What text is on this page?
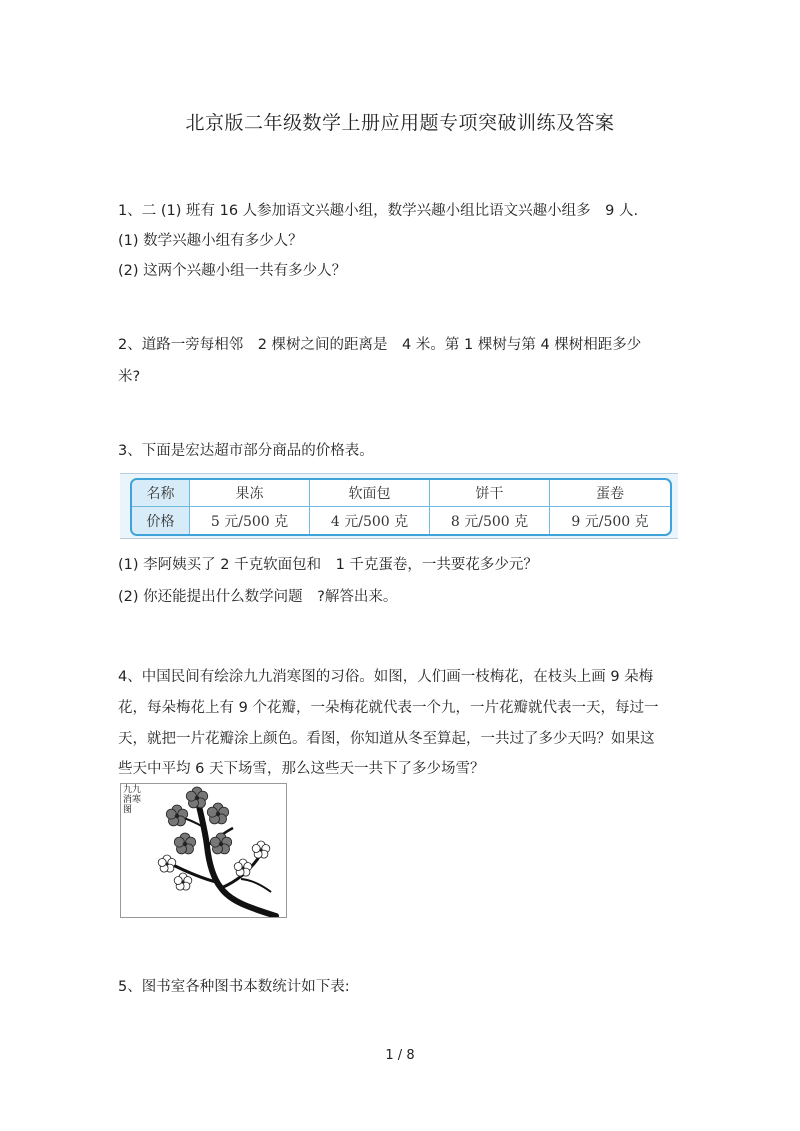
北京版二年级数学上册应用题专项突破训练及答案
1、二 (1) 班有 16 人参加语文兴趣小组，数学兴趣小组比语文兴趣小组多　9 人.
(1) 数学兴趣小组有多少人？
(2) 这两个兴趣小组一共有多少人？
2、道路一旁每相邻　2 棵树之间的距离是　4 米。第 1 棵树与第 4 棵树相距多少
米?
3、下面是宏达超市部分商品的价格表。
名称	果冻	软面包	饼干	蛋卷
价格	5 元/500 克	4 元/500 克	8 元/500 克	9 元/500 克
(1) 李阿姨买了 2 千克软面包和　1 千克蛋卷，一共要花多少元？
(2) 你还能提出什么数学问题　?解答出来。
4、中国民间有绘涂九九消寒图的习俗。如图，人们画一枝梅花，在枝头上画 9 朵梅
花，每朵梅花上有 9 个花瓣，一朵梅花就代表一个九，一片花瓣就代表一天，每过一
天，就把一片花瓣涂上颜色。看图，你知道从冬至算起，一共过了多少天吗？如果这
些天中平均 6 天下场雪，那么这些天一共下了多少场雪？
九九消寒图
5、图书室各种图书本数统计如下表:
1 / 8
